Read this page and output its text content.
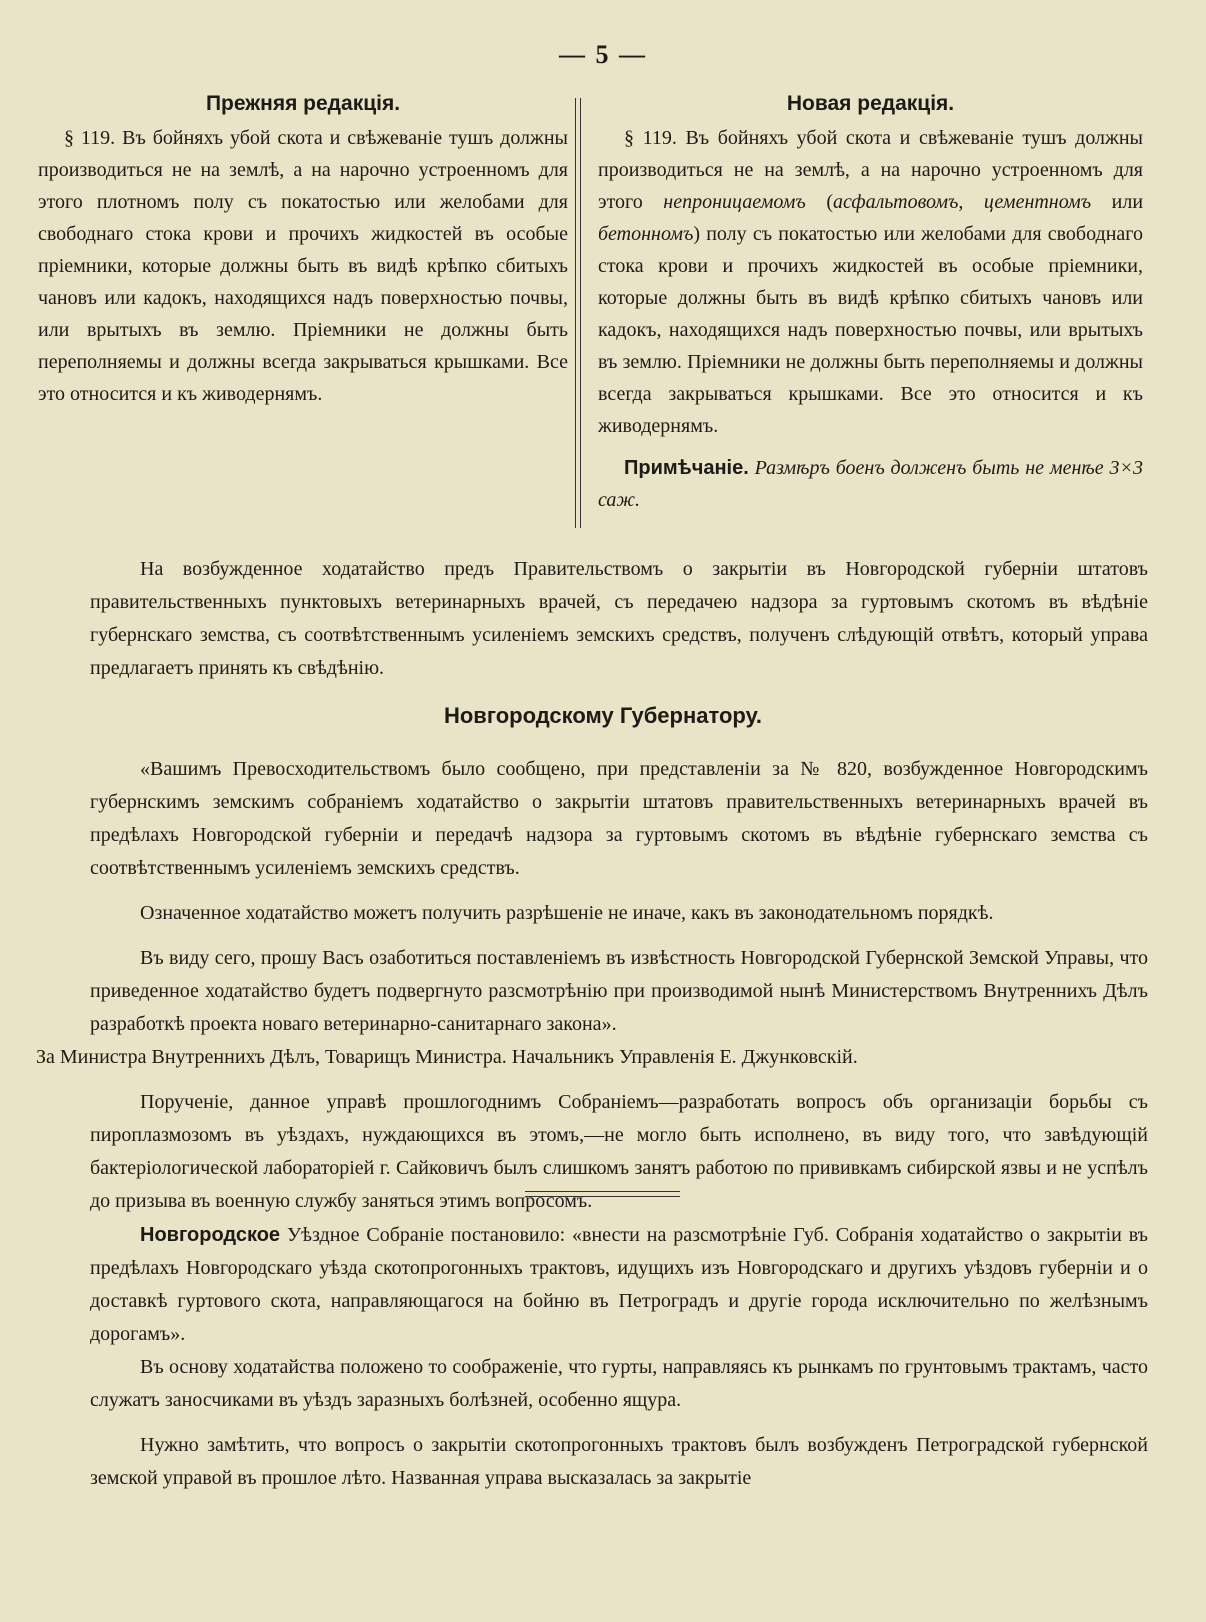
— 5 —
Прежняя редакція.

§ 119. Въ бойняхъ убой скота и свѣжеваніе тушъ должны производиться не на землѣ, а на нарочно устроенномъ для этого плотномъ полу съ покатостью или желобами для свободнаго стока крови и прочихъ жидкостей въ особые пріемники, которые должны быть въ видѣ крѣпко сбитыхъ чановъ или кадокъ, находящихся надъ поверхностью почвы, или врытыхъ въ землю. Пріемники не должны быть переполняемы и должны всегда закрываться крышками. Все это относится и къ живодернямъ.

Новая редакція.

§ 119. Въ бойняхъ убой скота и свѣжеваніе тушъ должны производиться не на землѣ, а на нарочно устроенномъ для этого непроницаемомъ (асфальтовомъ, цементномъ или бетонномъ) полу съ покатостью или желобами для свободнаго стока крови и прочихъ жидкостей въ особые пріемники, которые должны быть въ видѣ крѣпко сбитыхъ чановъ или кадокъ, находящихся надъ поверхностью почвы, или врытыхъ въ землю. Пріемники не должны быть переполняемы и должны всегда закрываться крышками. Все это относится и къ живодернямъ.

Примѣчаніе. Размѣръ боенъ долженъ быть не менѣе 3×3 саж.

На возбужденное ходатайство предъ Правительствомъ о закрытіи въ Новгородской губерніи штатовъ правительственныхъ пунктовыхъ ветеринарныхъ врачей, съ передачею надзора за гуртовымъ скотомъ въ вѣдѣніе губернскаго земства, съ соотвѣтственнымъ усиленіемъ земскихъ средствъ, полученъ слѣдующій отвѣтъ, который управа предлагаетъ принять къ свѣдѣнію.

Новгородскому Губернатору.

«Вашимъ Превосходительствомъ было сообщено, при представленіи за № 820, возбужденное Новгородскимъ губернскимъ земскимъ собраніемъ ходатайство о закрытіи штатовъ правительственныхъ ветеринарныхъ врачей въ предѣлахъ Новгородской губерніи и передачѣ надзора за гуртовымъ скотомъ въ вѣдѣніе губернскаго земства съ соотвѣтственнымъ усиленіемъ земскихъ средствъ.

Означенное ходатайство можетъ получить разрѣшеніе не иначе, какъ въ законодательномъ порядкѣ.

Въ виду сего, прошу Васъ озаботиться поставленіемъ въ извѣстность Новгородской Губернской Земской Управы, что приведенное ходатайство будетъ подвергнуто разсмотрѣнію при производимой нынѣ Министерствомъ Внутреннихъ Дѣлъ разработкѣ проекта новаго ветеринарно-санитарнаго закона».

За Министра Внутреннихъ Дѣлъ, Товарищъ Министра. Начальникъ Управленія Е. Джунковскій.

Порученіе, данное управѣ прошлогоднимъ Собраніемъ—разработать вопросъ объ организаціи борьбы съ пироплазмозомъ въ уѣздахъ, нуждающихся въ этомъ,—не могло быть исполнено, въ виду того, что завѣдующій бактеріологической лабораторіей г. Сайковичъ былъ слишкомъ занятъ работою по прививкамъ сибирской язвы и не успѣлъ до призыва въ военную службу заняться этимъ вопросомъ.

Новгородское Уѣздное Собраніе постановило: «внести на разсмотрѣніе Губ. Собранія ходатайство о закрытіи въ предѣлахъ Новгородскаго уѣзда скотопрогонныхъ трактовъ, идущихъ изъ Новгородскаго и другихъ уѣздовъ губерніи и о доставкѣ гуртового скота, направляющагося на бойню въ Петроградъ и другіе города исключительно по желѣзнымъ дорогамъ».

Въ основу ходатайства положено то соображеніе, что гурты, направляясь къ рынкамъ по грунтовымъ трактамъ, часто служатъ заносчиками въ уѣздъ заразныхъ болѣзней, особенно ящура.

Нужно замѣтить, что вопросъ о закрытіи скотопрогонныхъ трактовъ былъ возбужденъ Петроградской губернской земской управой въ прошлое лѣто. Названная управа высказалась за закрытіе
